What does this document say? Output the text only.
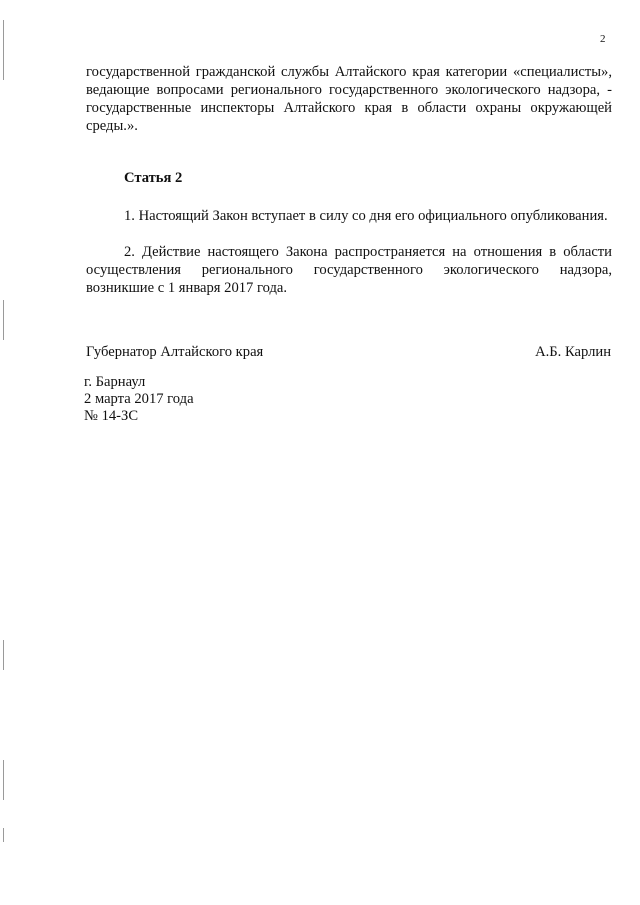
2
государственной гражданской службы Алтайского края категории «специалисты», ведающие вопросами регионального государственного экологического надзора, - государственные инспекторы Алтайского края в области охраны окружающей среды.».
Статья 2
1. Настоящий Закон вступает в силу со дня его официального опубликования.
2. Действие настоящего Закона распространяется на отношения в области осуществления регионального государственного экологического надзора, возникшие с 1 января 2017 года.
Губернатор Алтайского края	А.Б. Карлин
г. Барнаул
2 марта 2017 года
№ 14-ЗС
